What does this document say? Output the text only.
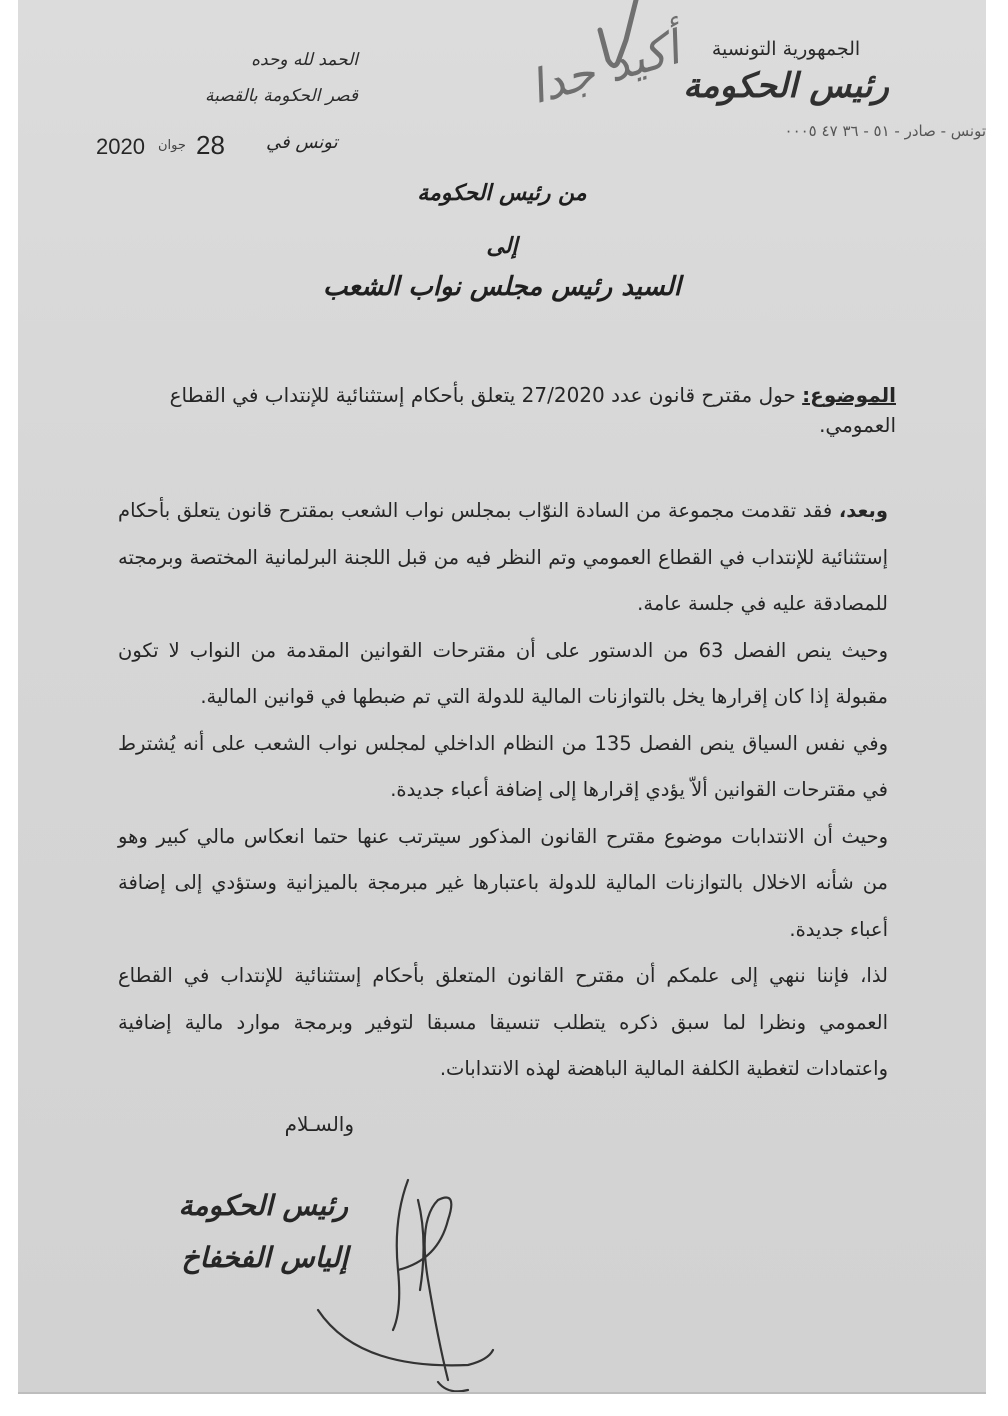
الجمهورية التونسية
رئيس الحكومة
تونس - صادر - ٥١ - ٣٦ ٤٧ ٠٠٠٥
الحمد لله وحده
قصر الحكومة بالقصبة
2020 جوان 28 تونس في
أكيد جدا
من رئيس الحكومة
إلى
السيد رئيس مجلس نواب الشعب
الموضوع: حول مقترح قانون عدد 27/2020 يتعلق بأحكام إستثنائية للإنتداب في القطاع العمومي.

وبعد، فقد تقدمت مجموعة من السادة النوّاب بمجلس نواب الشعب بمقترح قانون يتعلق بأحكام إستثنائية للإنتداب في القطاع العمومي وتم النظر فيه من قبل اللجنة البرلمانية المختصة وبرمجته للمصادقة عليه في جلسة عامة.

وحيث ينص الفصل 63 من الدستور على أن مقترحات القوانين المقدمة من النواب لا تكون مقبولة إذا كان إقرارها يخل بالتوازنات المالية للدولة التي تم ضبطها في قوانين المالية.

وفي نفس السياق ينص الفصل 135 من النظام الداخلي لمجلس نواب الشعب على أنه يُشترط في مقترحات القوانين ألاّ يؤدي إقرارها إلى إضافة أعباء جديدة.

وحيث أن الانتدابات موضوع مقترح القانون المذكور سيترتب عنها حتما انعكاس مالي كبير وهو من شأنه الاخلال بالتوازنات المالية للدولة باعتبارها غير مبرمجة بالميزانية وستؤدي إلى إضافة أعباء جديدة.

لذا، فإننا ننهي إلى علمكم أن مقترح القانون المتعلق بأحكام إستثنائية للإنتداب في القطاع العمومي ونظرا لما سبق ذكره يتطلب تنسيقا مسبقا لتوفير وبرمجة موارد مالية إضافية واعتمادات لتغطية الكلفة المالية الباهضة لهذه الانتدابات.

والسـلام
رئيس الحكومة
إلياس الفخفاخ
